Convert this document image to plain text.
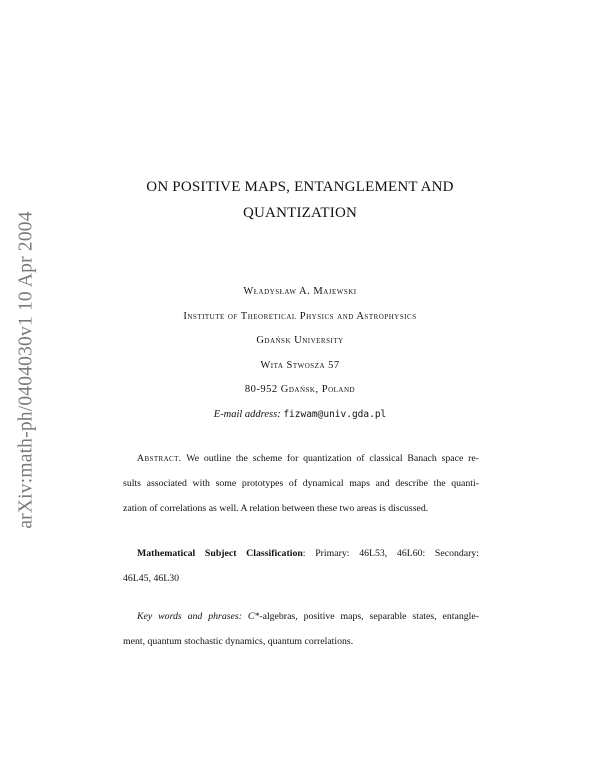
arXiv:math-ph/0404030v1 10 Apr 2004
ON POSITIVE MAPS, ENTANGLEMENT AND
QUANTIZATION
Władysław A. Majewski
Institute of Theoretical Physics and Astrophysics
Gdańsk University
Wita Stwosza 57
80-952 Gdańsk, Poland
E-mail address: fizwam@univ.gda.pl
Abstract. We outline the scheme for quantization of classical Banach space re-
sults associated with some prototypes of dynamical maps and describe the quanti-
zation of correlations as well. A relation between these two areas is discussed.
Mathematical Subject Classification: Primary: 46L53, 46L60: Secondary:
46L45, 46L30
Key words and phrases: C*-algebras, positive maps, separable states, entangle-
ment, quantum stochastic dynamics, quantum correlations.
